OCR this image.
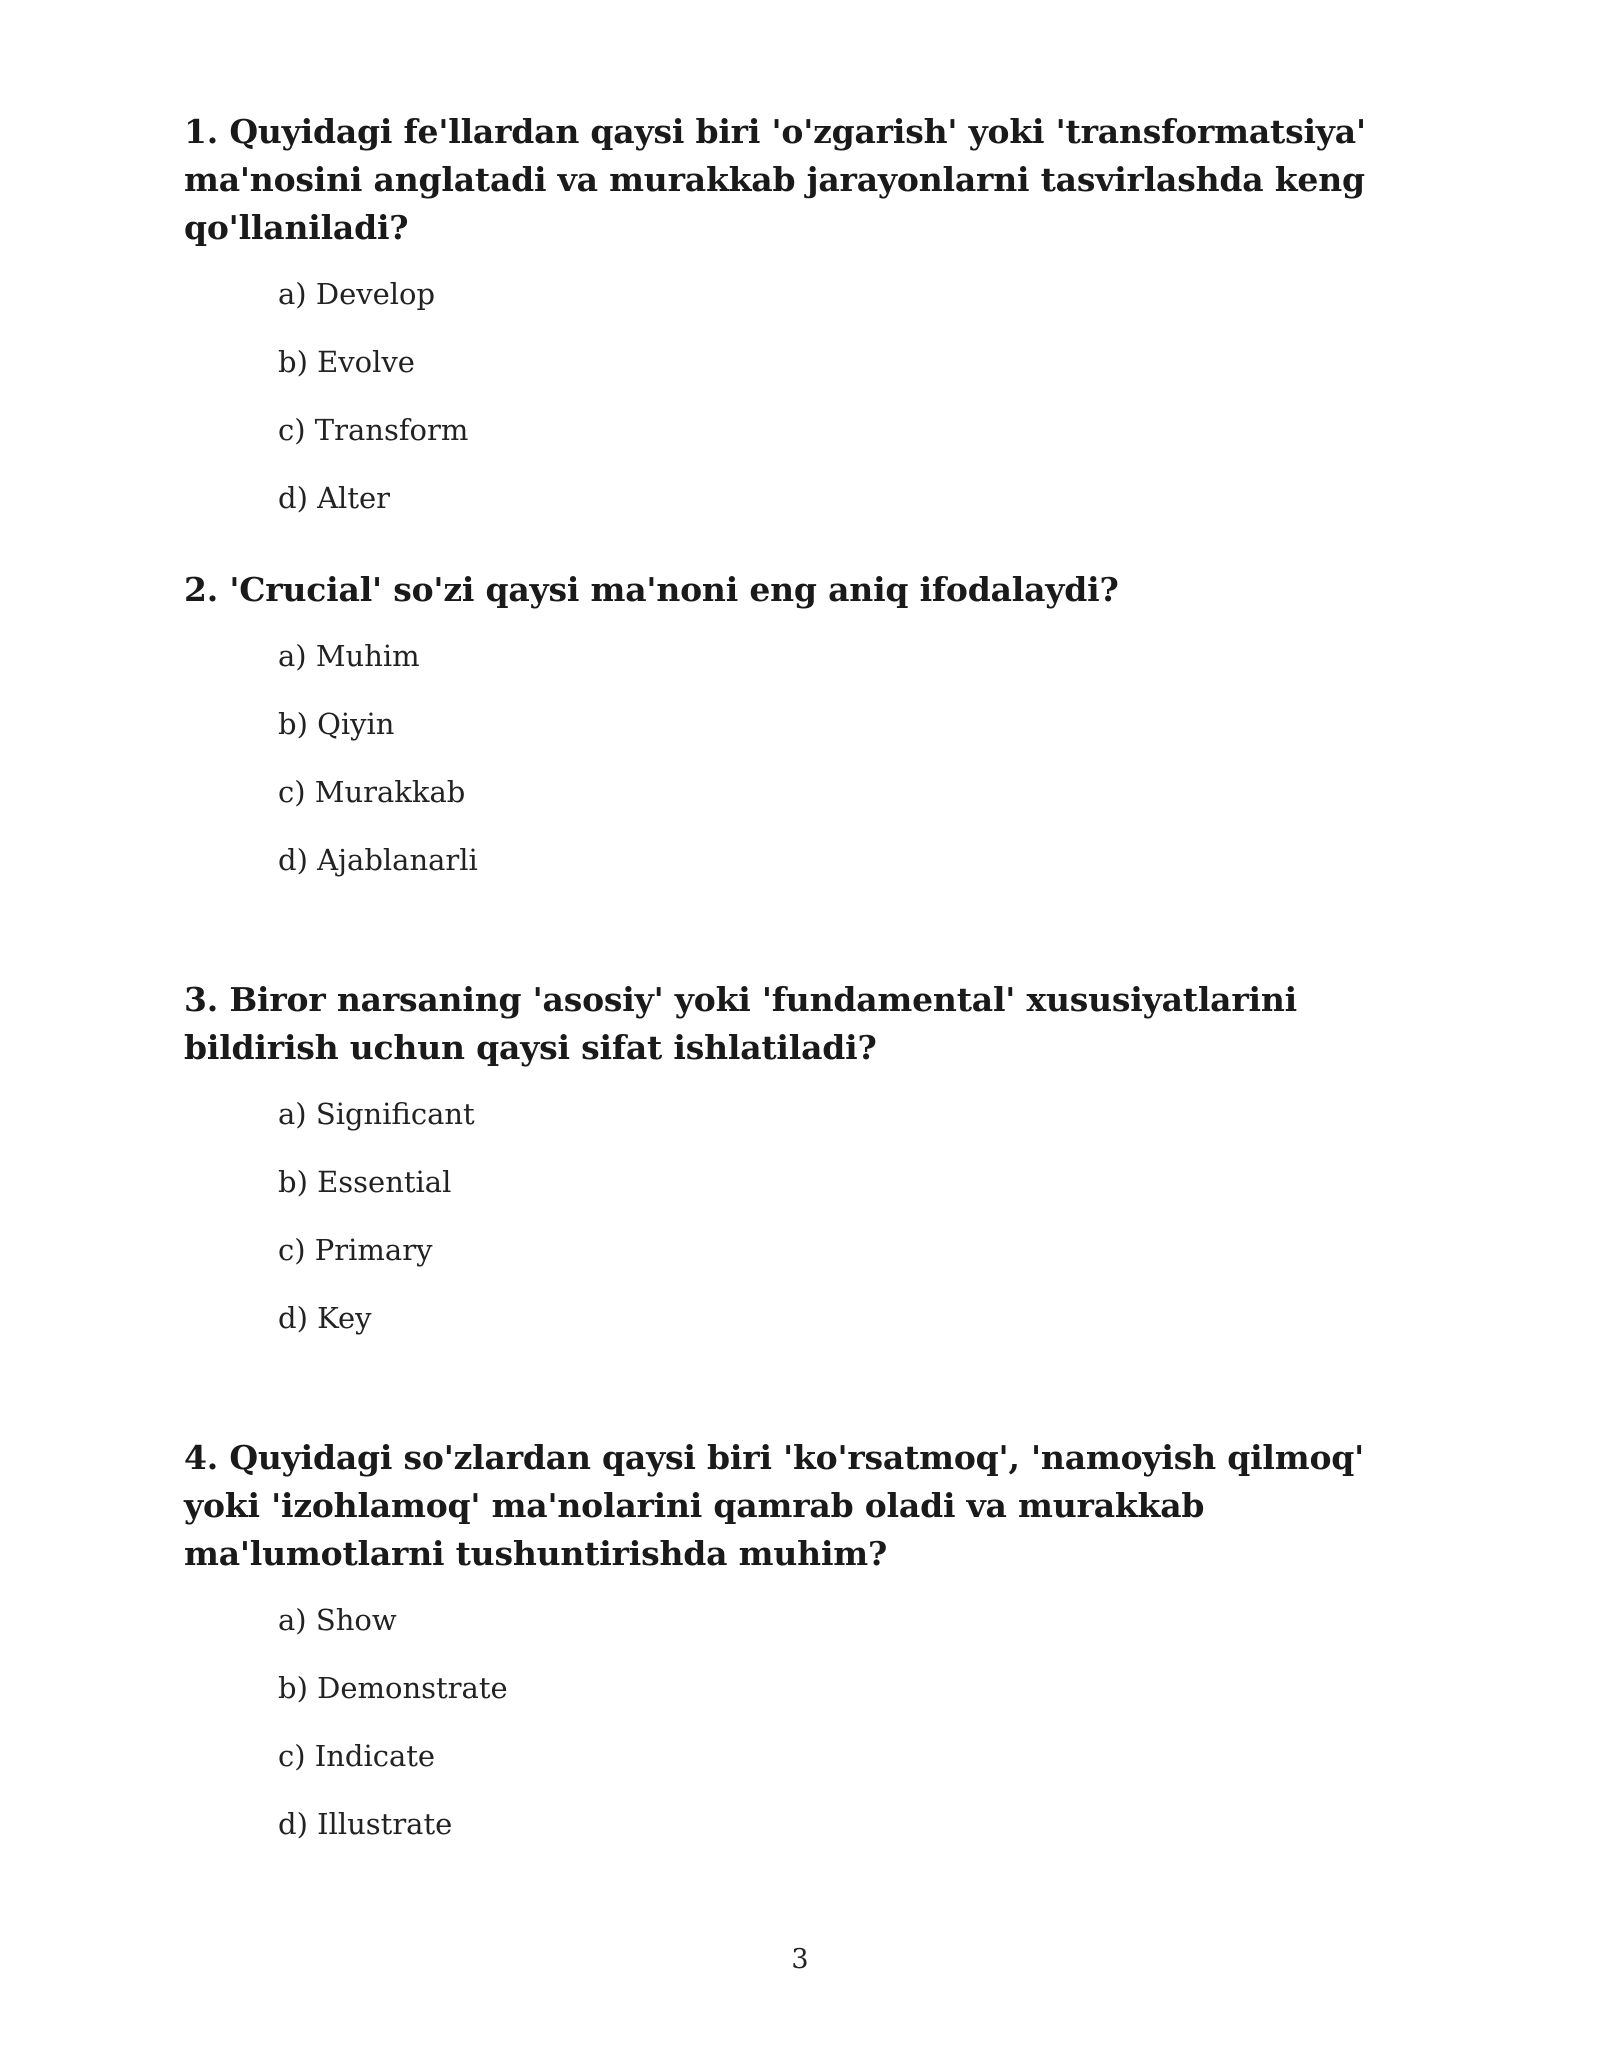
1. Quyidagi fe'llardan qaysi biri 'o'zgarish' yoki 'transformatsiya' ma'nosini anglatadi va murakkab jarayonlarni tasvirlashda keng qo'llaniladi?

a) Develop
b) Evolve
c) Transform
d) Alter

2. 'Crucial' so'zi qaysi ma'noni eng aniq ifodalaydi?

a) Muhim
b) Qiyin
c) Murakkab
d) Ajablanarli

3. Biror narsaning 'asosiy' yoki 'fundamental' xususiyatlarini bildirish uchun qaysi sifat ishlatiladi?

a) Significant
b) Essential
c) Primary
d) Key

4. Quyidagi so'zlardan qaysi biri 'ko'rsatmoq', 'namoyish qilmoq' yoki 'izohlamoq' ma'nolarini qamrab oladi va murakkab ma'lumotlarni tushuntirishda muhim?

a) Show
b) Demonstrate
c) Indicate
d) Illustrate
3
